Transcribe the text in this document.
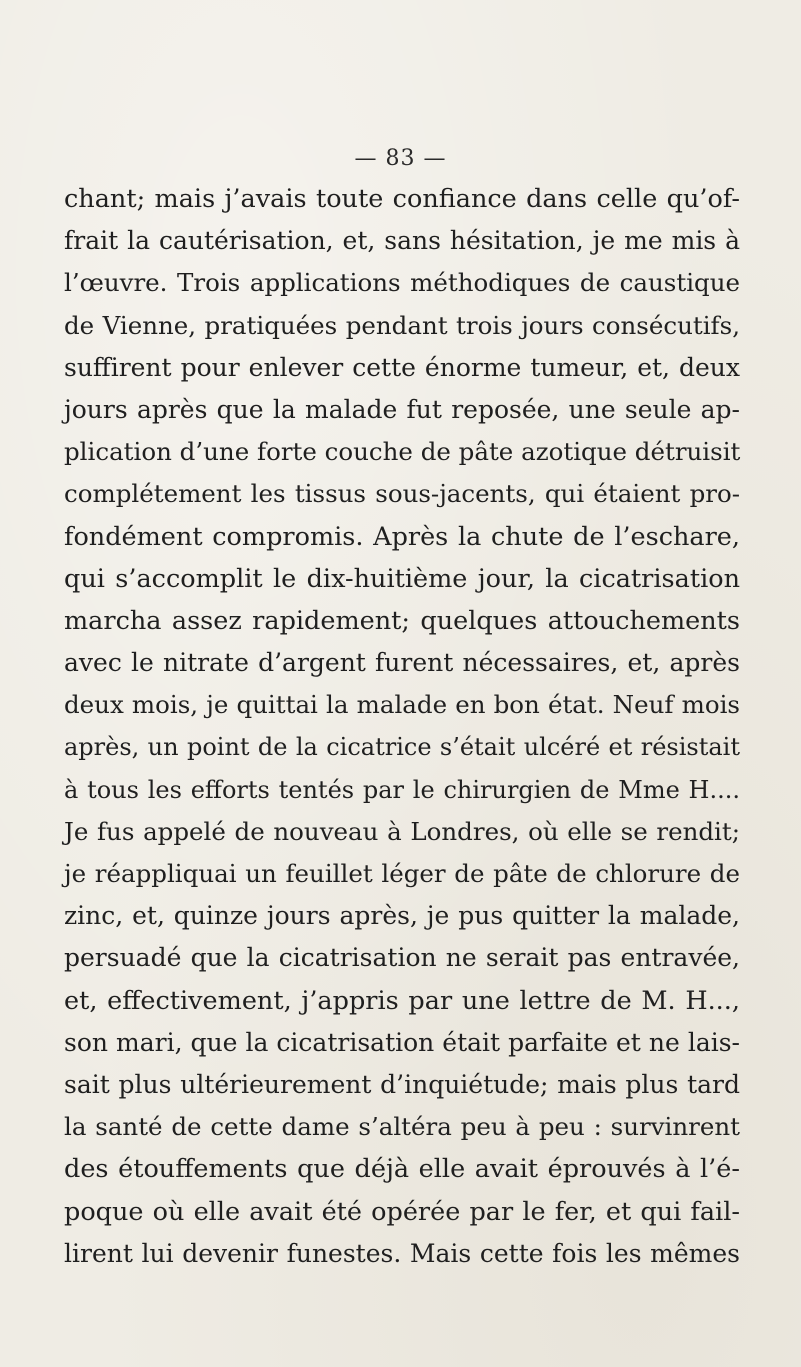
— 83 —
chant; mais j’avais toute confiance dans celle qu’of-
frait la cautérisation, et, sans hésitation, je me mis à
l’œuvre. Trois applications méthodiques de caustique
de Vienne, pratiquées pendant trois jours consécutifs,
suffirent pour enlever cette énorme tumeur, et, deux
jours après que la malade fut reposée, une seule ap-
plication d’une forte couche de pâte azotique détruisit
complétement les tissus sous-jacents, qui étaient pro-
fondément compromis. Après la chute de l’eschare,
qui s’accomplit le dix-huitième jour, la cicatrisation
marcha assez rapidement; quelques attouchements
avec le nitrate d’argent furent nécessaires, et, après
deux mois, je quittai la malade en bon état. Neuf mois
après, un point de la cicatrice s’était ulcéré et résistait
à tous les efforts tentés par le chirurgien de Mme H....
Je fus appelé de nouveau à Londres, où elle se rendit;
je réappliquai un feuillet léger de pâte de chlorure de
zinc, et, quinze jours après, je pus quitter la malade,
persuadé que la cicatrisation ne serait pas entravée,
et, effectivement, j’appris par une lettre de M. H...,
son mari, que la cicatrisation était parfaite et ne lais-
sait plus ultérieurement d’inquiétude; mais plus tard
la santé de cette dame s’altéra peu à peu : survinrent
des étouffements que déjà elle avait éprouvés à l’é-
poque où elle avait été opérée par le fer, et qui fail-
lirent lui devenir funestes. Mais cette fois les mêmes
